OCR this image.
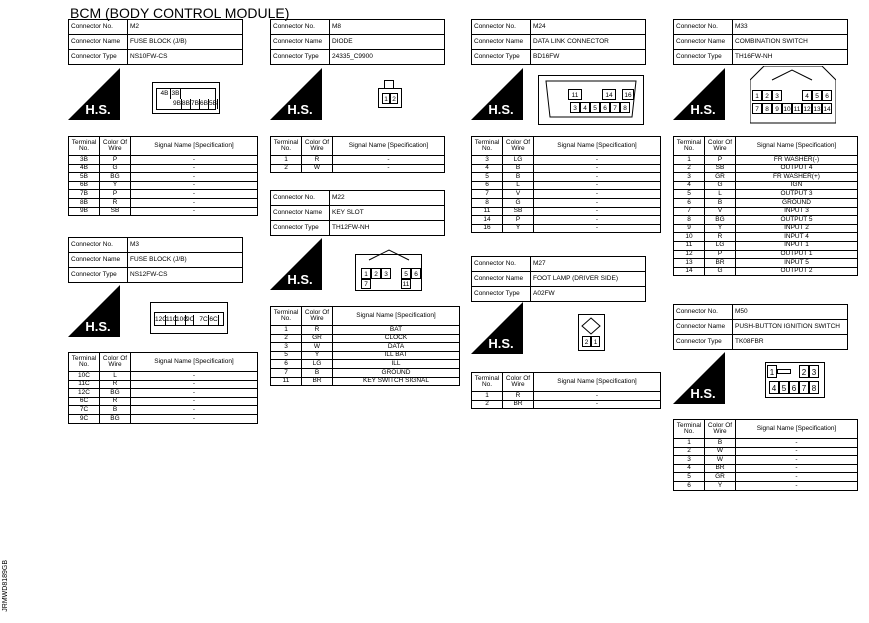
BCM (BODY CONTROL MODULE)
JRMWD8189GB
Connector No.	M2
Connector Name	FUSE BLOCK (J/B)
Connector Type	NS10FW-CS
H.S.
4B 3B
9B 8B 7B 6B 5B
Terminal
No.	Color Of
Wire	Signal Name [Specification]
3B	P	-
4B	G	-
5B	BG	-
6B	Y	-
7B	P	-
8B	R	-
9B	SB	-
Connector No.	M3
Connector Name	FUSE BLOCK (J/B)
Connector Type	NS12FW-CS
H.S.	12C 11C
10C
9C 7C 6C
Terminal
No.	Color Of
Wire	Signal Name [Specification]
10C	L	-
11C	R	-
12C	BG	-
6C	R	-
7C	B	-
9C	BG	-
Connector No.	M8
Connector Name	DIODE
Connector Type	24335_C9900
H.S.
1 2
Terminal
No.	Color Of
Wire	Signal Name [Specification]
1	R	-
2	W	-
Connector No.	M22
Connector Name	KEY SLOT
Connector Type	TH12FW-NH
H.S.	1 2 3	5 6
7	11
Terminal
No.	Color Of
Wire	Signal Name [Specification]
1	R	BAT
2	GR	CLOCK
3	W	DATA
5	Y	ILL BAT
6	LG	ILL
7	B	GROUND
11	BR	KEY SWITCH SIGNAL
Connector No.	M24
Connector Name	DATA LINK CONNECTOR
Connector Type	BD16FW
H.S.
11	14	16
3 4 5 6 7 8
Terminal
No.	Color Of
Wire	Signal Name [Specification]
3	LG	-
4	B	-
5	B	-
6	L	-
7	V	-
8	G	-
11	SB	-
14	P	-
16	Y	-
Connector No.	M27
Connector Name	FOOT LAMP (DRIVER SIDE)
Connector Type	A02FW
H.S.	2 1
Terminal
No.	Color Of
Wire	Signal Name [Specification]
1	R	-
2	BR	-
Connector No.	M33
Connector Name	COMBINATION SWITCH
Connector Type	TH16FW-NH
H.S.
1 2 3	4 5 6
7 8 9 10 11 12 13 14
Terminal
No.	Color Of
Wire	Signal Name [Specification]
1	P	FR WASHER(-)
2	SB	OUTPUT 4
3	GR	FR WASHER(+)
4	G	IGN
5	L	OUTPUT 3
6	B	GROUND
7	V	INPUT 3
8	BG	OUTPUT 5
9	Y	INPUT 2
10	R	INPUT 4
11	LG	INPUT 1
12	P	OUTPUT 1
13	BR	INPUT 5
14	G	OUTPUT 2
Connector No.	M50
Connector Name	PUSH-BUTTON IGNITION SWITCH
Connector Type	TK08FBR
H.S.
1	2 3
4 5 6 7 8
Terminal
No.	Color Of
Wire	Signal Name [Specification]
1	B	-
2	W	-
3	W	-
4	BR	-
5	GR	-
6	Y	-
